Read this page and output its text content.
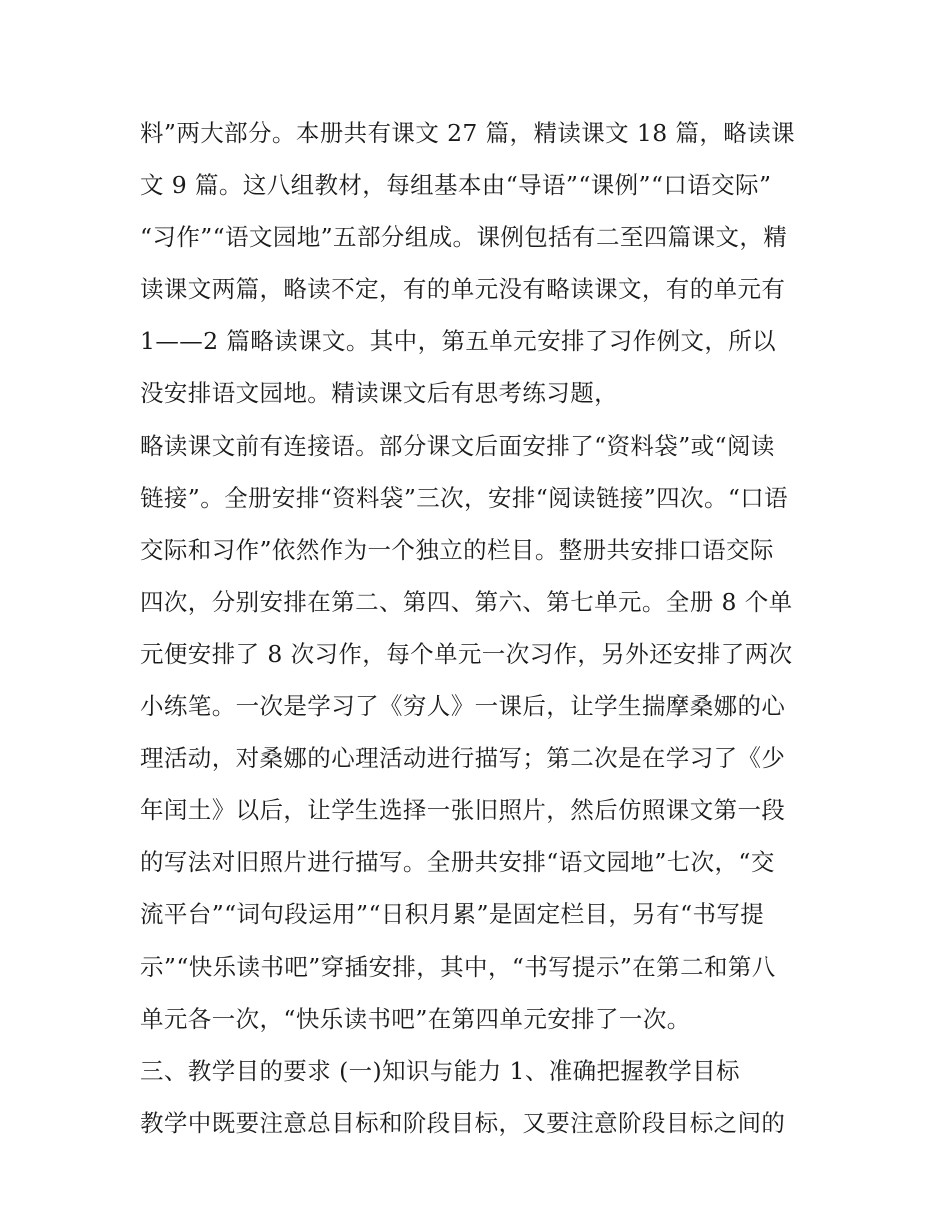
料”两大部分。本册共有课文 27 篇，精读课文 18 篇，略读课
文 9 篇。这八组教材，每组基本由“导语”“课例”“口语交际”
“习作”“语文园地”五部分组成。课例包括有二至四篇课文，精
读课文两篇，略读不定，有的单元没有略读课文，有的单元有
1——2 篇略读课文。其中，第五单元安排了习作例文，所以
没安排语文园地。精读课文后有思考练习题，
略读课文前有连接语。部分课文后面安排了“资料袋”或“阅读
链接”。全册安排“资料袋”三次，安排“阅读链接”四次。“口语
交际和习作”依然作为一个独立的栏目。整册共安排口语交际
四次，分别安排在第二、第四、第六、第七单元。全册 8 个单
元便安排了 8 次习作，每个单元一次习作，另外还安排了两次
小练笔。一次是学习了《穷人》一课后，让学生揣摩桑娜的心
理活动，对桑娜的心理活动进行描写；第二次是在学习了《少
年闰土》以后，让学生选择一张旧照片，然后仿照课文第一段
的写法对旧照片进行描写。全册共安排“语文园地”七次，“交
流平台”“词句段运用”“日积月累”是固定栏目，另有“书写提
示”“快乐读书吧”穿插安排，其中，“书写提示”在第二和第八
单元各一次，“快乐读书吧”在第四单元安排了一次。
三、教学目的要求 (一)知识与能力 1、准确把握教学目标
教学中既要注意总目标和阶段目标，又要注意阶段目标之间的
